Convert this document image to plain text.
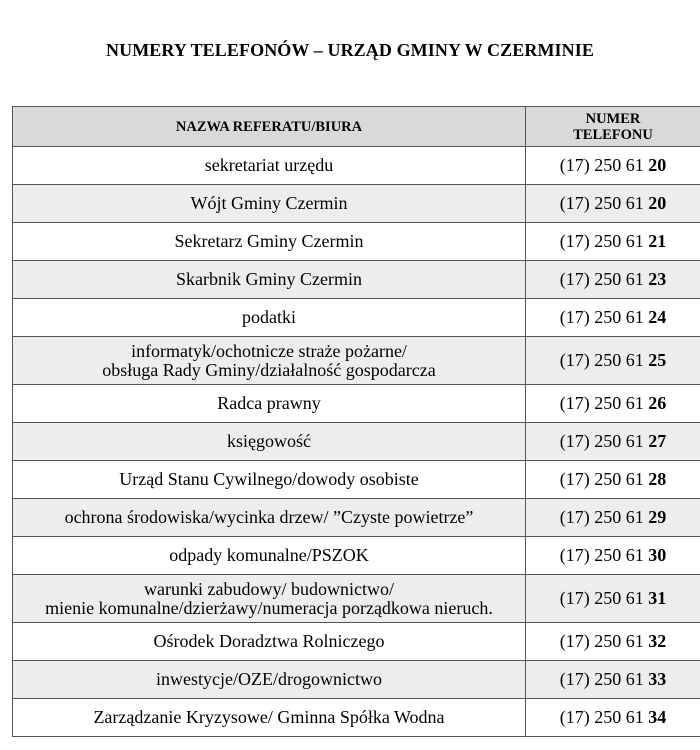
NUMERY TELEFONÓW – URZĄD GMINY W CZERMINIE
NAZWA REFERATU/BIURA	NUMER
TELEFONU

sekretariat urzędu	(17) 250 61 20

Wójt Gminy Czermin	(17) 250 61 20

Sekretarz Gminy Czermin	(17) 250 61 21

Skarbnik Gminy Czermin	(17) 250 61 23

podatki	(17) 250 61 24

informatyk/ochotnicze straże pożarne/
obsługa Rady Gminy/działalność gospodarcza	(17) 250 61 25

Radca prawny	(17) 250 61 26

księgowość	(17) 250 61 27

Urząd Stanu Cywilnego/dowody osobiste	(17) 250 61 28

ochrona środowiska/wycinka drzew/ ”Czyste powietrze”	(17) 250 61 29

odpady komunalne/PSZOK	(17) 250 61 30

warunki zabudowy/ budownictwo/
mienie komunalne/dzierżawy/numeracja porządkowa nieruch.	(17) 250 61 31

Ośrodek Doradztwa Rolniczego	(17) 250 61 32

inwestycje/OZE/drogownictwo	(17) 250 61 33

Zarządzanie Kryzysowe/ Gminna Spółka Wodna	(17) 250 61 34
